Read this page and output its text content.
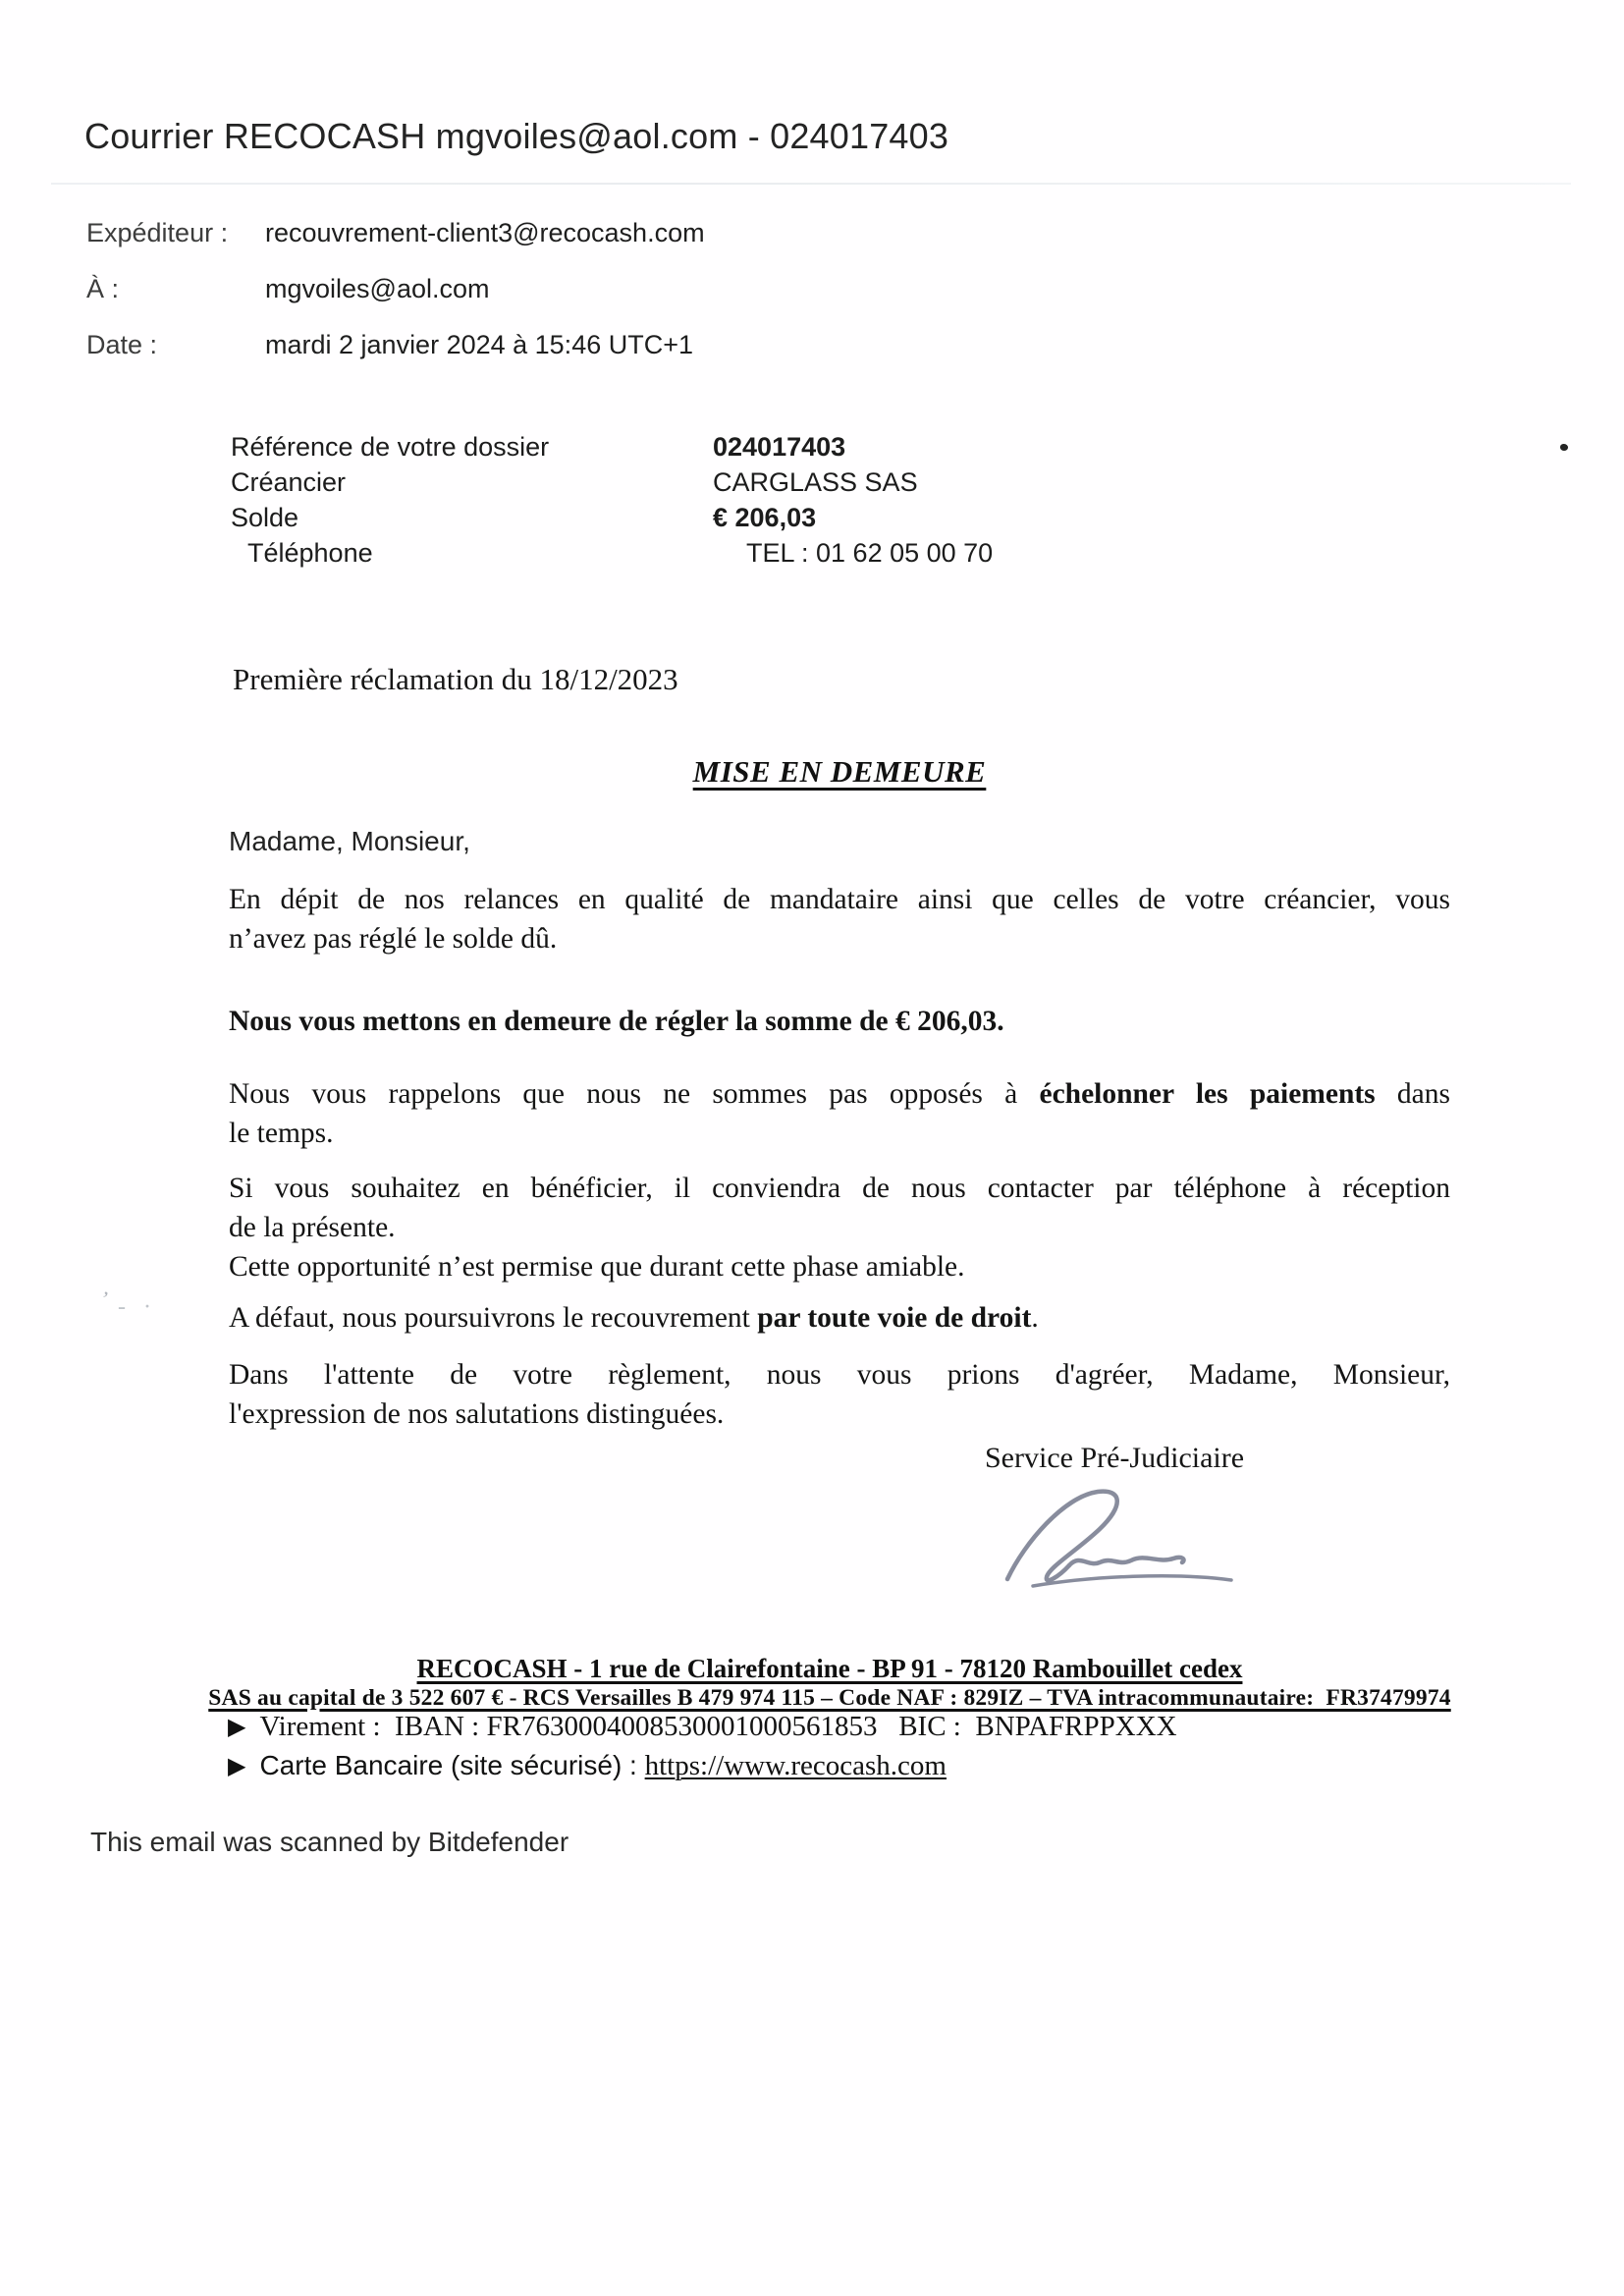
Courrier RECOCASH mgvoiles@aol.com - 024017403
Expéditeur : recouvrement-client3@recocash.com
À :	mgvoiles@aol.com
Date :	mardi 2 janvier 2024 à 15:46 UTC+1
Référence de votre dossier	024017403
Créancier	CARGLASS SAS
Solde	€ 206,03
Téléphone	TEL : 01 62 05 00 70
Première réclamation du 18/12/2023
MISE EN DEMEURE
Madame, Monsieur,
En dépit de nos relances en qualité de mandataire ainsi que celles de votre créancier, vous
n’avez pas réglé le solde dû.
Nous vous mettons en demeure de régler la somme de € 206,03.
Nous vous rappelons que nous ne sommes pas opposés à échelonner les paiements dans
le temps.
Si vous souhaitez en bénéficier, il conviendra de nous contacter par téléphone à réception
de la présente.
Cette opportunité n’est permise que durant cette phase amiable.
A défaut, nous poursuivrons le recouvrement par toute voie de droit.
Dans l'attente de votre règlement, nous vous prions d'agréer, Madame, Monsieur,
l'expression de nos salutations distinguées.
Service Pré-Judiciaire
RECOCASH - 1 rue de Clairefontaine - BP 91 - 78120 Rambouillet cedex
SAS au capital de 3 522 607 € - RCS Versailles B 479 974 115 – Code NAF : 829IZ – TVA intracommunautaire:  FR37479974
▶ Virement :  IBAN : FR7630004008530001000561853   BIC :  BNPAFRPPXXX
▶ Carte Bancaire (site sécurisé) : https://www.recocash.com
This email was scanned by Bitdefender
’ - ·
